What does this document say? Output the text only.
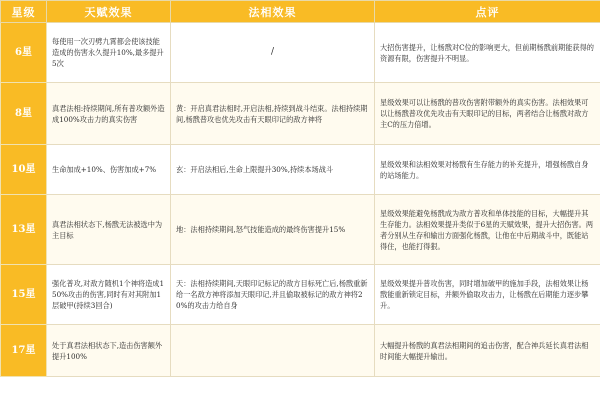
星级	天赋效果	法相效果	点评
6星	每使用一次刃劈九霄都会使该技能造成的伤害永久提升10%,最多提升5次	/	大招伤害提升，让杨戬对C位的影响更大，但前期杨戬前期能获得的资源有限，伤害提升不明显。
8星	真君法相:持续期间,所有普攻额外造成100%攻击力的真实伤害	黄：开启真君法相时,开启法相,持续到战斗结束。法相持续期间,杨戬普攻也优先攻击有天眼印记的敌方神将	星级效果可以让杨戬的普攻伤害附带额外的真实伤害。法相效果可以让杨戬普攻优先攻击有天眼印记的目标，两者结合让杨戬对敌方主C的压力倍增。
10星	生命加成+10%、伤害加成+7%	玄：开启法相后,生命上限提升30%,持续本场战斗	星级效果和法相效果对杨戬有生存能力的补充提升，增强杨戬自身的站场能力。
13星	真君法相状态下,杨戬无法被选中为主目标	地：法相持续期间,怒气技能造成的最终伤害提升15%	星级效果能避免杨戬成为敌方普攻和单体技能的目标，大幅提升其生存能力。法相效果提升类似于6星的天赋效果，提升大招伤害。两者分别从生存和输出方面强化杨戬，让他在中后期战斗中，既能站得住，也能打得狠。
15星	强化普攻,对敌方随机1个神将造成150%攻击的伤害,同时有对其附加1层破甲(持续3回合)	天：法相持续期间,天眼印记标记的敌方目标死亡后,杨戬重新给一名敌方神将添加天眼印记,并且偷取被标记的敌方神将20%的攻击力给自身	星级效果提升普攻伤害，同时增加破甲的施加手段，法相效果让杨戬能重新锁定目标，并额外偷取攻击力，让杨戬在后期能力逐步攀升。
17星	处于真君法相状态下,造击伤害额外提升100%		大幅提升杨戬的真君法相期间的追击伤害，配合神兵延长真君法相时间能大幅提升输出。
